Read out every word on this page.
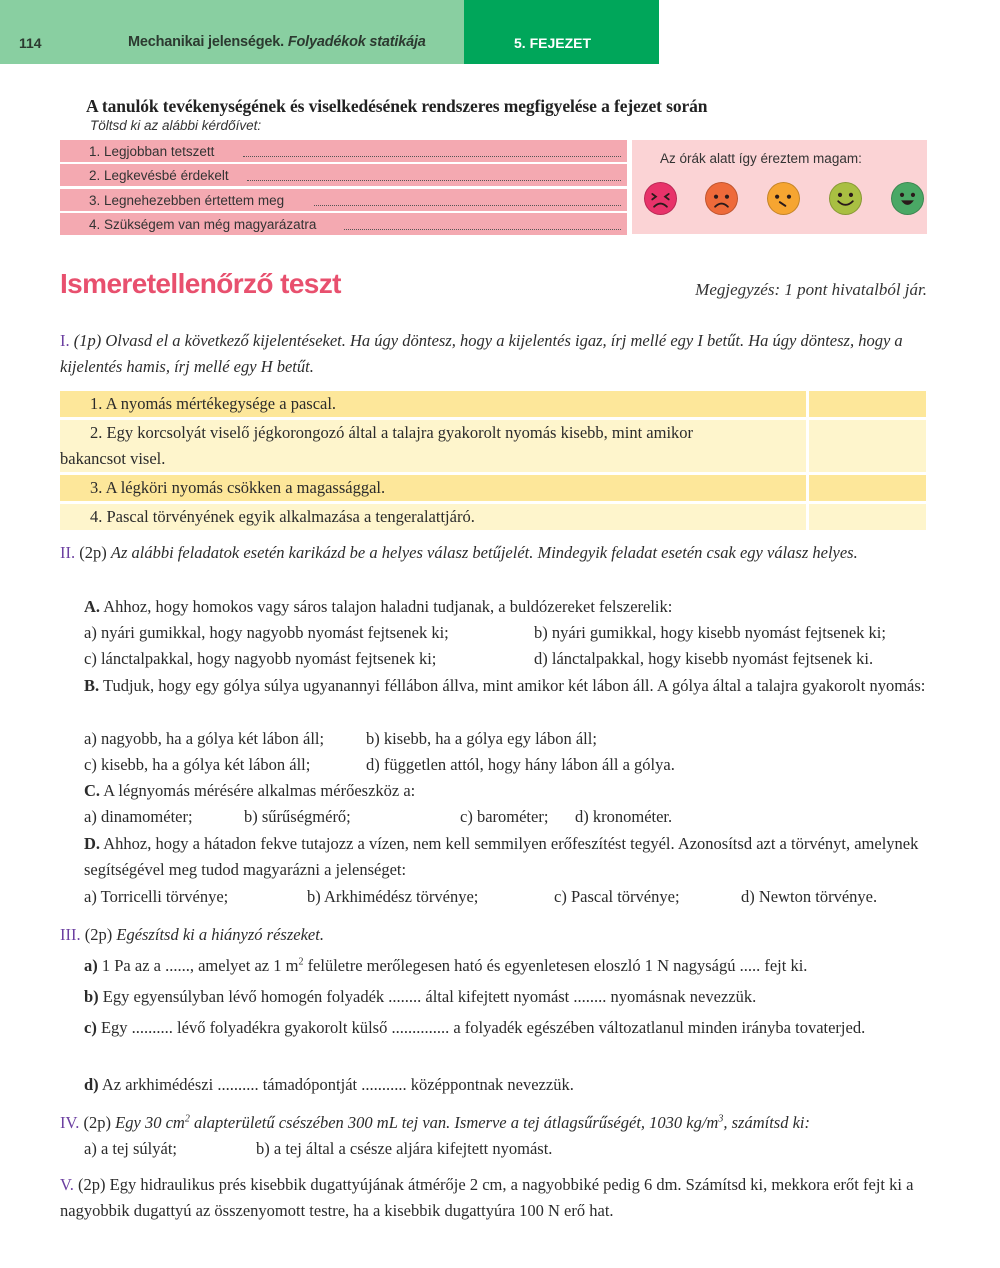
114	Mechanikai jelenségek. Folyadékok statikája	5. FEJEZET
A tanulók tevékenységének és viselkedésének rendszeres megfigyelése a fejezet során
Töltsd ki az alábbi kérdőívet:
1. Legjobban tetszett
2. Legkevésbé érdekelt
3. Legnehezebben értettem meg
4. Szükségem van még magyarázatra
Az órák alatt így éreztem magam:
Ismeretellenőrző teszt	Megjegyzés: 1 pont hivatalból jár.
I. (1p) Olvasd el a következő kijelentéseket. Ha úgy döntesz, hogy a kijelentés igaz, írj mellé egy I betűt. Ha úgy döntesz, hogy a kijelentés hamis, írj mellé egy H betűt.
1. A nyomás mértékegysége a pascal.
2. Egy korcsolyát viselő jégkorongozó által a talajra gyakorolt nyomás kisebb, mint amikor
bakancsot visel.
3. A légköri nyomás csökken a magassággal.
4. Pascal törvényének egyik alkalmazása a tengeralattjáró.
II. (2p) Az alábbi feladatok esetén karikázd be a helyes válasz betűjelét. Mindegyik feladat esetén csak egy válasz helyes.
A. Ahhoz, hogy homokos vagy sáros talajon haladni tudjanak, a buldózereket felszerelik:
a) nyári gumikkal, hogy nagyobb nyomást fejtsenek ki;	b) nyári gumikkal, hogy kisebb nyomást fejtsenek ki;
c) lánctalpakkal, hogy nagyobb nyomást fejtsenek ki;	d) lánctalpakkal, hogy kisebb nyomást fejtsenek ki.
B. Tudjuk, hogy egy gólya súlya ugyanannyi féllábon állva, mint amikor két lábon áll. A gólya által a talajra gyakorolt nyomás:
a) nagyobb, ha a gólya két lábon áll;	b) kisebb, ha a gólya egy lábon áll;
c) kisebb, ha a gólya két lábon áll;	d) független attól, hogy hány lábon áll a gólya.
C. A légnyomás mérésére alkalmas mérőeszköz a:
a) dinamométer;	b) sűrűségmérő;	c) barométer;	d) kronométer.
D. Ahhoz, hogy a hátadon fekve tutajozz a vízen, nem kell semmilyen erőfeszítést tegyél. Azonosítsd azt a törvényt, amelynek segítségével meg tudod magyarázni a jelenséget:
a) Torricelli törvénye;	b) Arkhimédész törvénye;	c) Pascal törvénye;	d) Newton törvénye.
III. (2p) Egészítsd ki a hiányzó részeket.
a) 1 Pa az a ......, amelyet az 1 $m^2$ felületre merőlegesen ható és egyenletesen eloszló 1 N nagyságú ..... fejt ki.
b) Egy egyensúlyban lévő homogén folyadék ........ által kifejtett nyomást ........ nyomásnak nevezzük.
c) Egy .......... lévő folyadékra gyakorolt külső .............. a folyadék egészében változatlanul minden irányba tovaterjed.
d) Az arkhimédészi .......... támadópontját ........... középpontnak nevezzük.
IV. (2p) Egy 30 $cm^2$ alapterületű csészében 300 mL tej van. Ismerve a tej átlagsűrűségét, 1030 $kg/m^3$, számítsd ki:
a) a tej súlyát;	b) a tej által a csésze aljára kifejtett nyomást.
V. (2p) Egy hidraulikus prés kisebbik dugattyújának átmérője 2 cm, a nagyobbiké pedig 6 dm. Számítsd ki, mekkora erőt fejt ki a nagyobbik dugattyú az összenyomott testre, ha a kisebbik dugattyúra 100 N erő hat.
